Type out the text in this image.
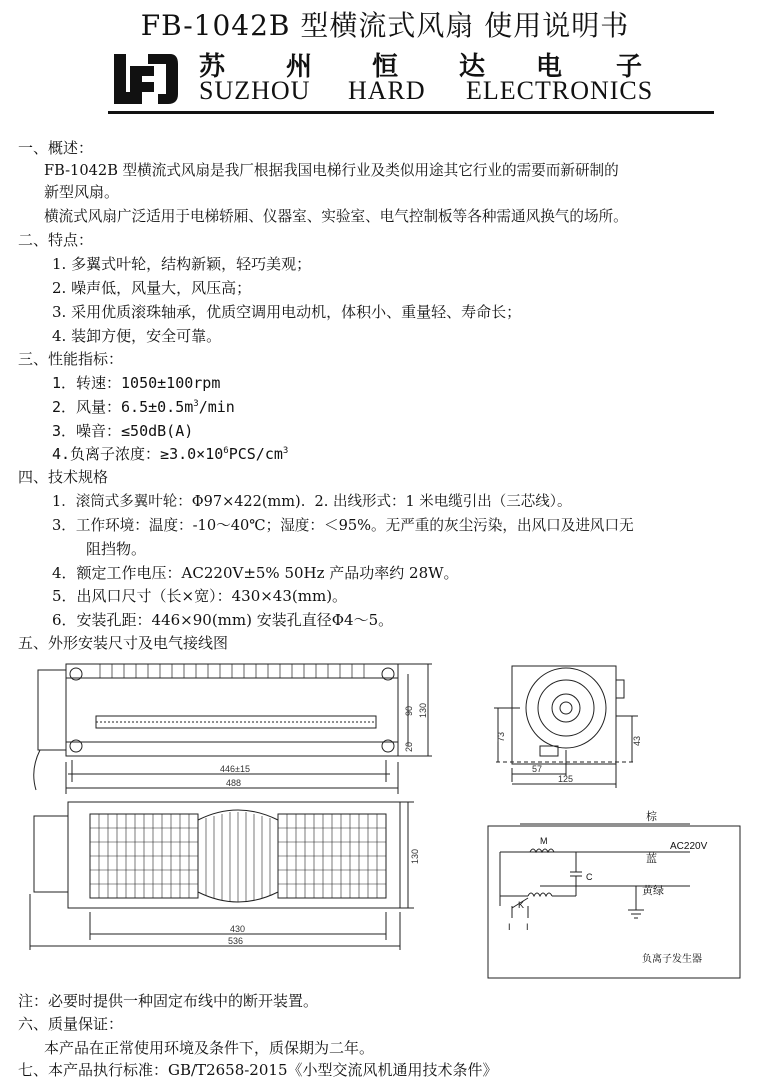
FB-1042B 型横流式风扇 使用说明书
苏 州 恒 达 电 子
SUZHOU HARD ELECTRONICS
一、概述：
FB-1042B 型横流式风扇是我厂根据我国电梯行业及类似用途其它行业的需要而新研制的
新型风扇。
横流式风扇广泛适用于电梯轿厢、仪器室、实验室、电气控制板等各种需通风换气的场所。
二、特点：
1. 多翼式叶轮，结构新颖，轻巧美观；
2. 噪声低，风量大，风压高；
3. 采用优质滚珠轴承，优质空调用电动机，体积小、重量轻、寿命长；
4. 装卸方便，安全可靠。
三、性能指标：
1．转速：1050±100rpm
2．风量：$6.5\pm 0.5m^3/\min$
3．噪音：≤50dB(A)
4.负离子浓度：$\ge 3.0\times 10^6PCS/cm^3$
四、技术规格
1．滚筒式多翼叶轮：Φ97×422(mm). 2. 出线形式：1 米电缆引出（三芯线）。
3．工作环境：温度：-10～40℃；湿度：＜95%。无严重的灰尘污染，出风口及进风口无
阻挡物。
4．额定工作电压：AC220V±5% 50Hz 产品功率约 28W。
5．出风口尺寸（长×宽）：430×43(mm)。
6．安装孔距：446×90(mm) 安装孔直径Φ4～5。
五、外形安装尺寸及电气接线图
446±15
488
90 130
20
73
57
125
43
430
536
130
棕
AC220V
蓝
黄绿
M
K
C
I I
负离子发生器
注：必要时提供一种固定布线中的断开装置。
六、质量保证：
本产品在正常使用环境及条件下，质保期为二年。
七、本产品执行标准：GB/T2658-2015《小型交流风机通用技术条件》
